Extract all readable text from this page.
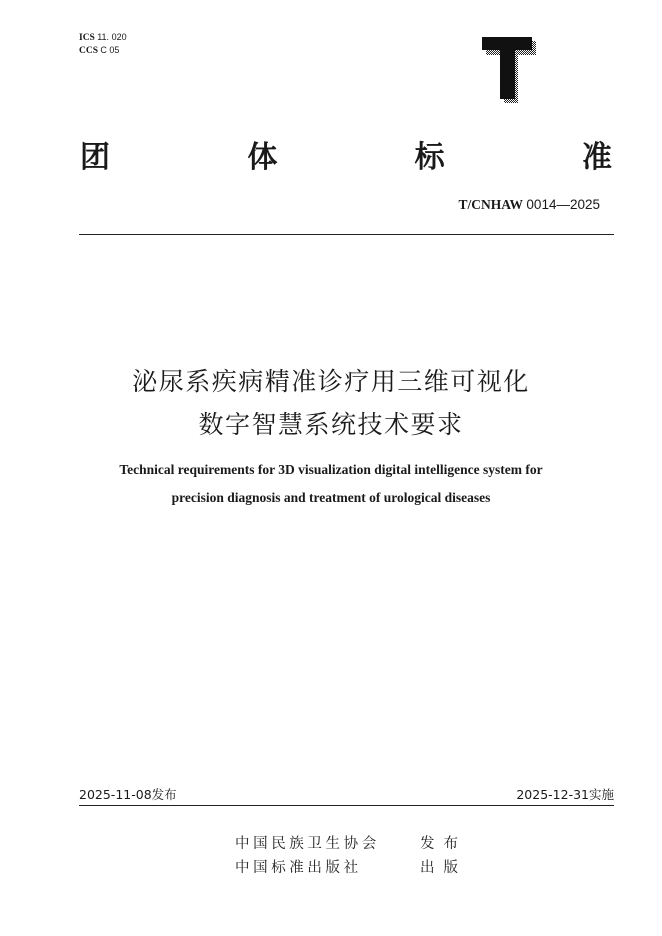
ICS 11. 020
CCS C 05
T
团	体	标	准
T/CNHAW 0014—2025
泌尿系疾病精准诊疗用三维可视化
数字智慧系统技术要求
Technical requirements for 3D visualization digital intelligence system for
precision diagnosis and treatment of urological diseases
2025-11-08发布	2025-12-31实施
中国民族卫生协会	发布
中国标准出版社	出版
